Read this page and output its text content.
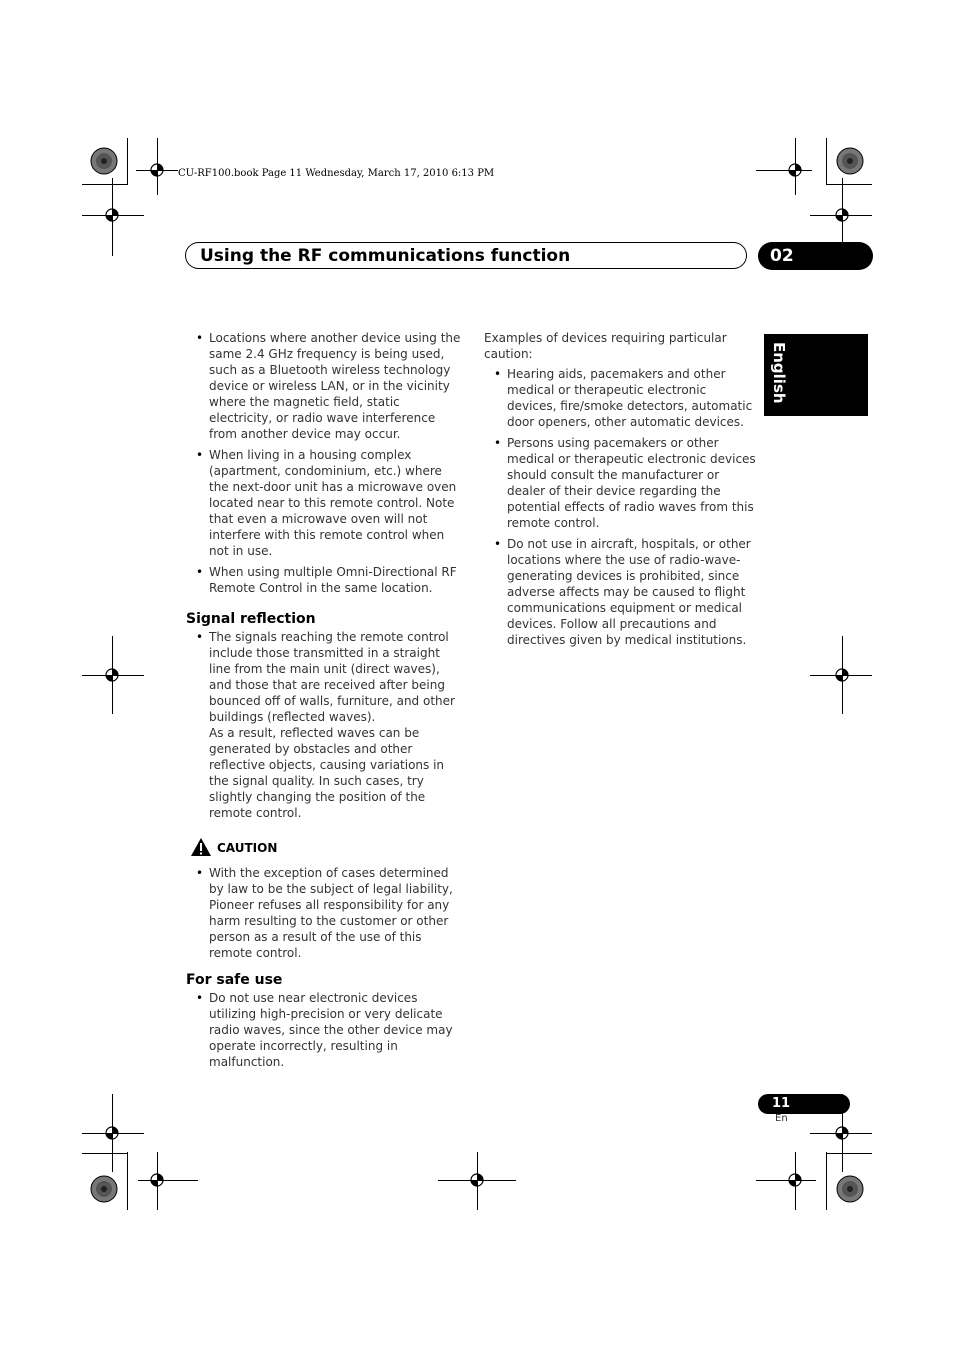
CU-RF100.book Page 11 Wednesday, March 17, 2010 6:13 PM
Using the RF communications function	02
English
• Locations where another device using the same 2.4 GHz frequency is being used, such as a Bluetooth wireless technology device or wireless LAN, or in the vicinity where the magnetic field, static electricity, or radio wave interference from another device may occur.
• When living in a housing complex (apartment, condominium, etc.) where the next-door unit has a microwave oven located near to this remote control. Note that even a microwave oven will not interfere with this remote control when not in use.
• When using multiple Omni-Directional RF Remote Control in the same location.
Signal reflection
• The signals reaching the remote control include those transmitted in a straight line from the main unit (direct waves), and those that are received after being bounced off of walls, furniture, and other buildings (reflected waves).
As a result, reflected waves can be generated by obstacles and other reflective objects, causing variations in the signal quality. In such cases, try slightly changing the position of the remote control.
CAUTION
• With the exception of cases determined by law to be the subject of legal liability, Pioneer refuses all responsibility for any harm resulting to the customer or other person as a result of the use of this remote control.
For safe use
• Do not use near electronic devices utilizing high-precision or very delicate radio waves, since the other device may operate incorrectly, resulting in malfunction.

Examples of devices requiring particular caution:

• Hearing aids, pacemakers and other medical or therapeutic electronic devices, fire/smoke detectors, automatic door openers, other automatic devices.
• Persons using pacemakers or other medical or therapeutic electronic devices should consult the manufacturer or dealer of their device regarding the potential effects of radio waves from this remote control.
• Do not use in aircraft, hospitals, or other locations where the use of radio-wave-generating devices is prohibited, since adverse affects may be caused to flight communications equipment or medical devices. Follow all precautions and directives given by medical institutions.
11
En
